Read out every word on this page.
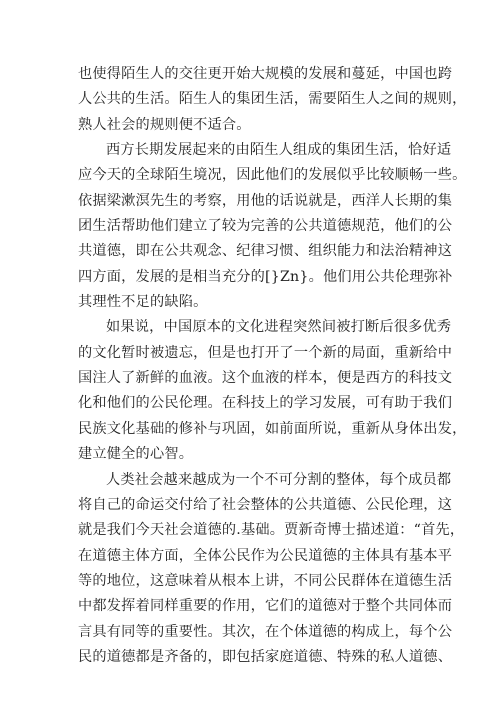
也使得陌生人的交往更开始大规模的发展和蔓延，中国也跨
人公共的生活。陌生人的集团生活，需要陌生人之间的规则，
熟人社会的规则便不适合。
西方长期发展起来的由陌生人组成的集团生活，恰好适
应今天的全球陌生境况，因此他们的发展似乎比较顺畅一些。
依据梁漱溟先生的考察，用他的话说就是，西洋人长期的集
团生活帮助他们建立了较为完善的公共道德规范，他们的公
共道德，即在公共观念、纪律习惯、组织能力和法治精神这
四方面，发展的是相当充分的[}Zn}。他们用公共伦理弥补
其理性不足的缺陷。
如果说，中国原本的文化进程突然间被打断后很多优秀
的文化暂时被遗忘，但是也打开了一个新的局面，重新给中
国注人了新鲜的血液。这个血液的样本，便是西方的科技文
化和他们的公民伦理。在科技上的学习发展，可有助于我们
民族文化基础的修补与巩固，如前面所说，重新从身体出发，
建立健全的心智。
人类社会越来越成为一个不可分割的整体，每个成员都
将自己的命运交付给了社会整体的公共道德、公民伦理，这
就是我们今天社会道德的.基础。贾新奇博士描述道：“首先，
在道德主体方面，全体公民作为公民道德的主体具有基本平
等的地位，这意味着从根本上讲，不同公民群体在道德生活
中都发挥着同样重要的作用，它们的道德对于整个共同体而
言具有同等的重要性。其次，在个体道德的构成上，每个公
民的道德都是齐备的，即包括家庭道德、特殊的私人道德、
